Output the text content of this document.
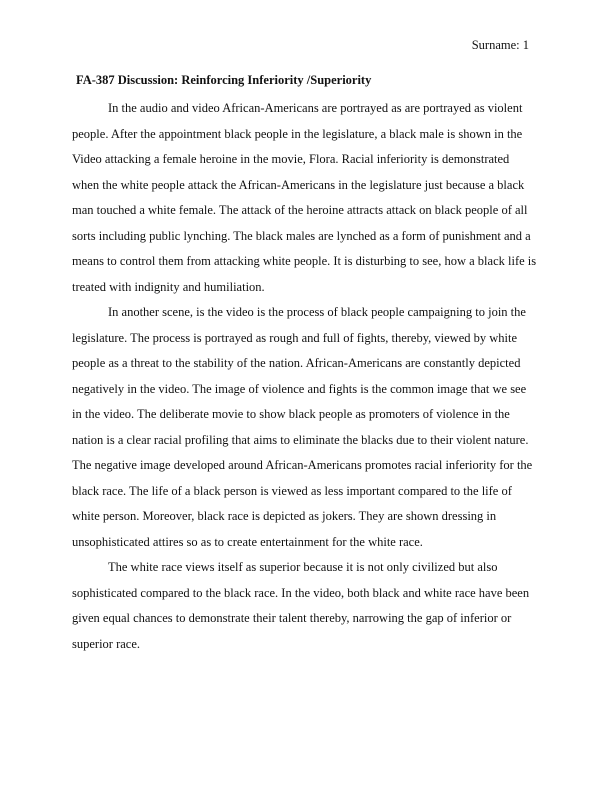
Surname: 1
FA-387 Discussion: Reinforcing Inferiority /Superiority

In the audio and video African-Americans are portrayed as are portrayed as violent people. After the appointment black people in the legislature, a black male is shown in the Video attacking a female heroine in the movie, Flora. Racial inferiority is demonstrated when the white people attack the African-Americans in the legislature just because a black man touched a white female. The attack of the heroine attracts attack on black people of all sorts including public lynching. The black males are lynched as a form of punishment and a means to control them from attacking white people. It is disturbing to see, how a black life is treated with indignity and humiliation.

In another scene, is the video is the process of black people campaigning to join the legislature. The process is portrayed as rough and full of fights, thereby, viewed by white people as a threat to the stability of the nation. African-Americans are constantly depicted negatively in the video. The image of violence and fights is the common image that we see in the video. The deliberate movie to show black people as promoters of violence in the nation is a clear racial profiling that aims to eliminate the blacks due to their violent nature. The negative image developed around African-Americans promotes racial inferiority for the black race. The life of a black person is viewed as less important compared to the life of white person. Moreover, black race is depicted as jokers. They are shown dressing in unsophisticated attires so as to create entertainment for the white race.

The white race views itself as superior because it is not only civilized but also sophisticated compared to the black race. In the video, both black and white race have been given equal chances to demonstrate their talent thereby, narrowing the gap of inferior or superior race.
